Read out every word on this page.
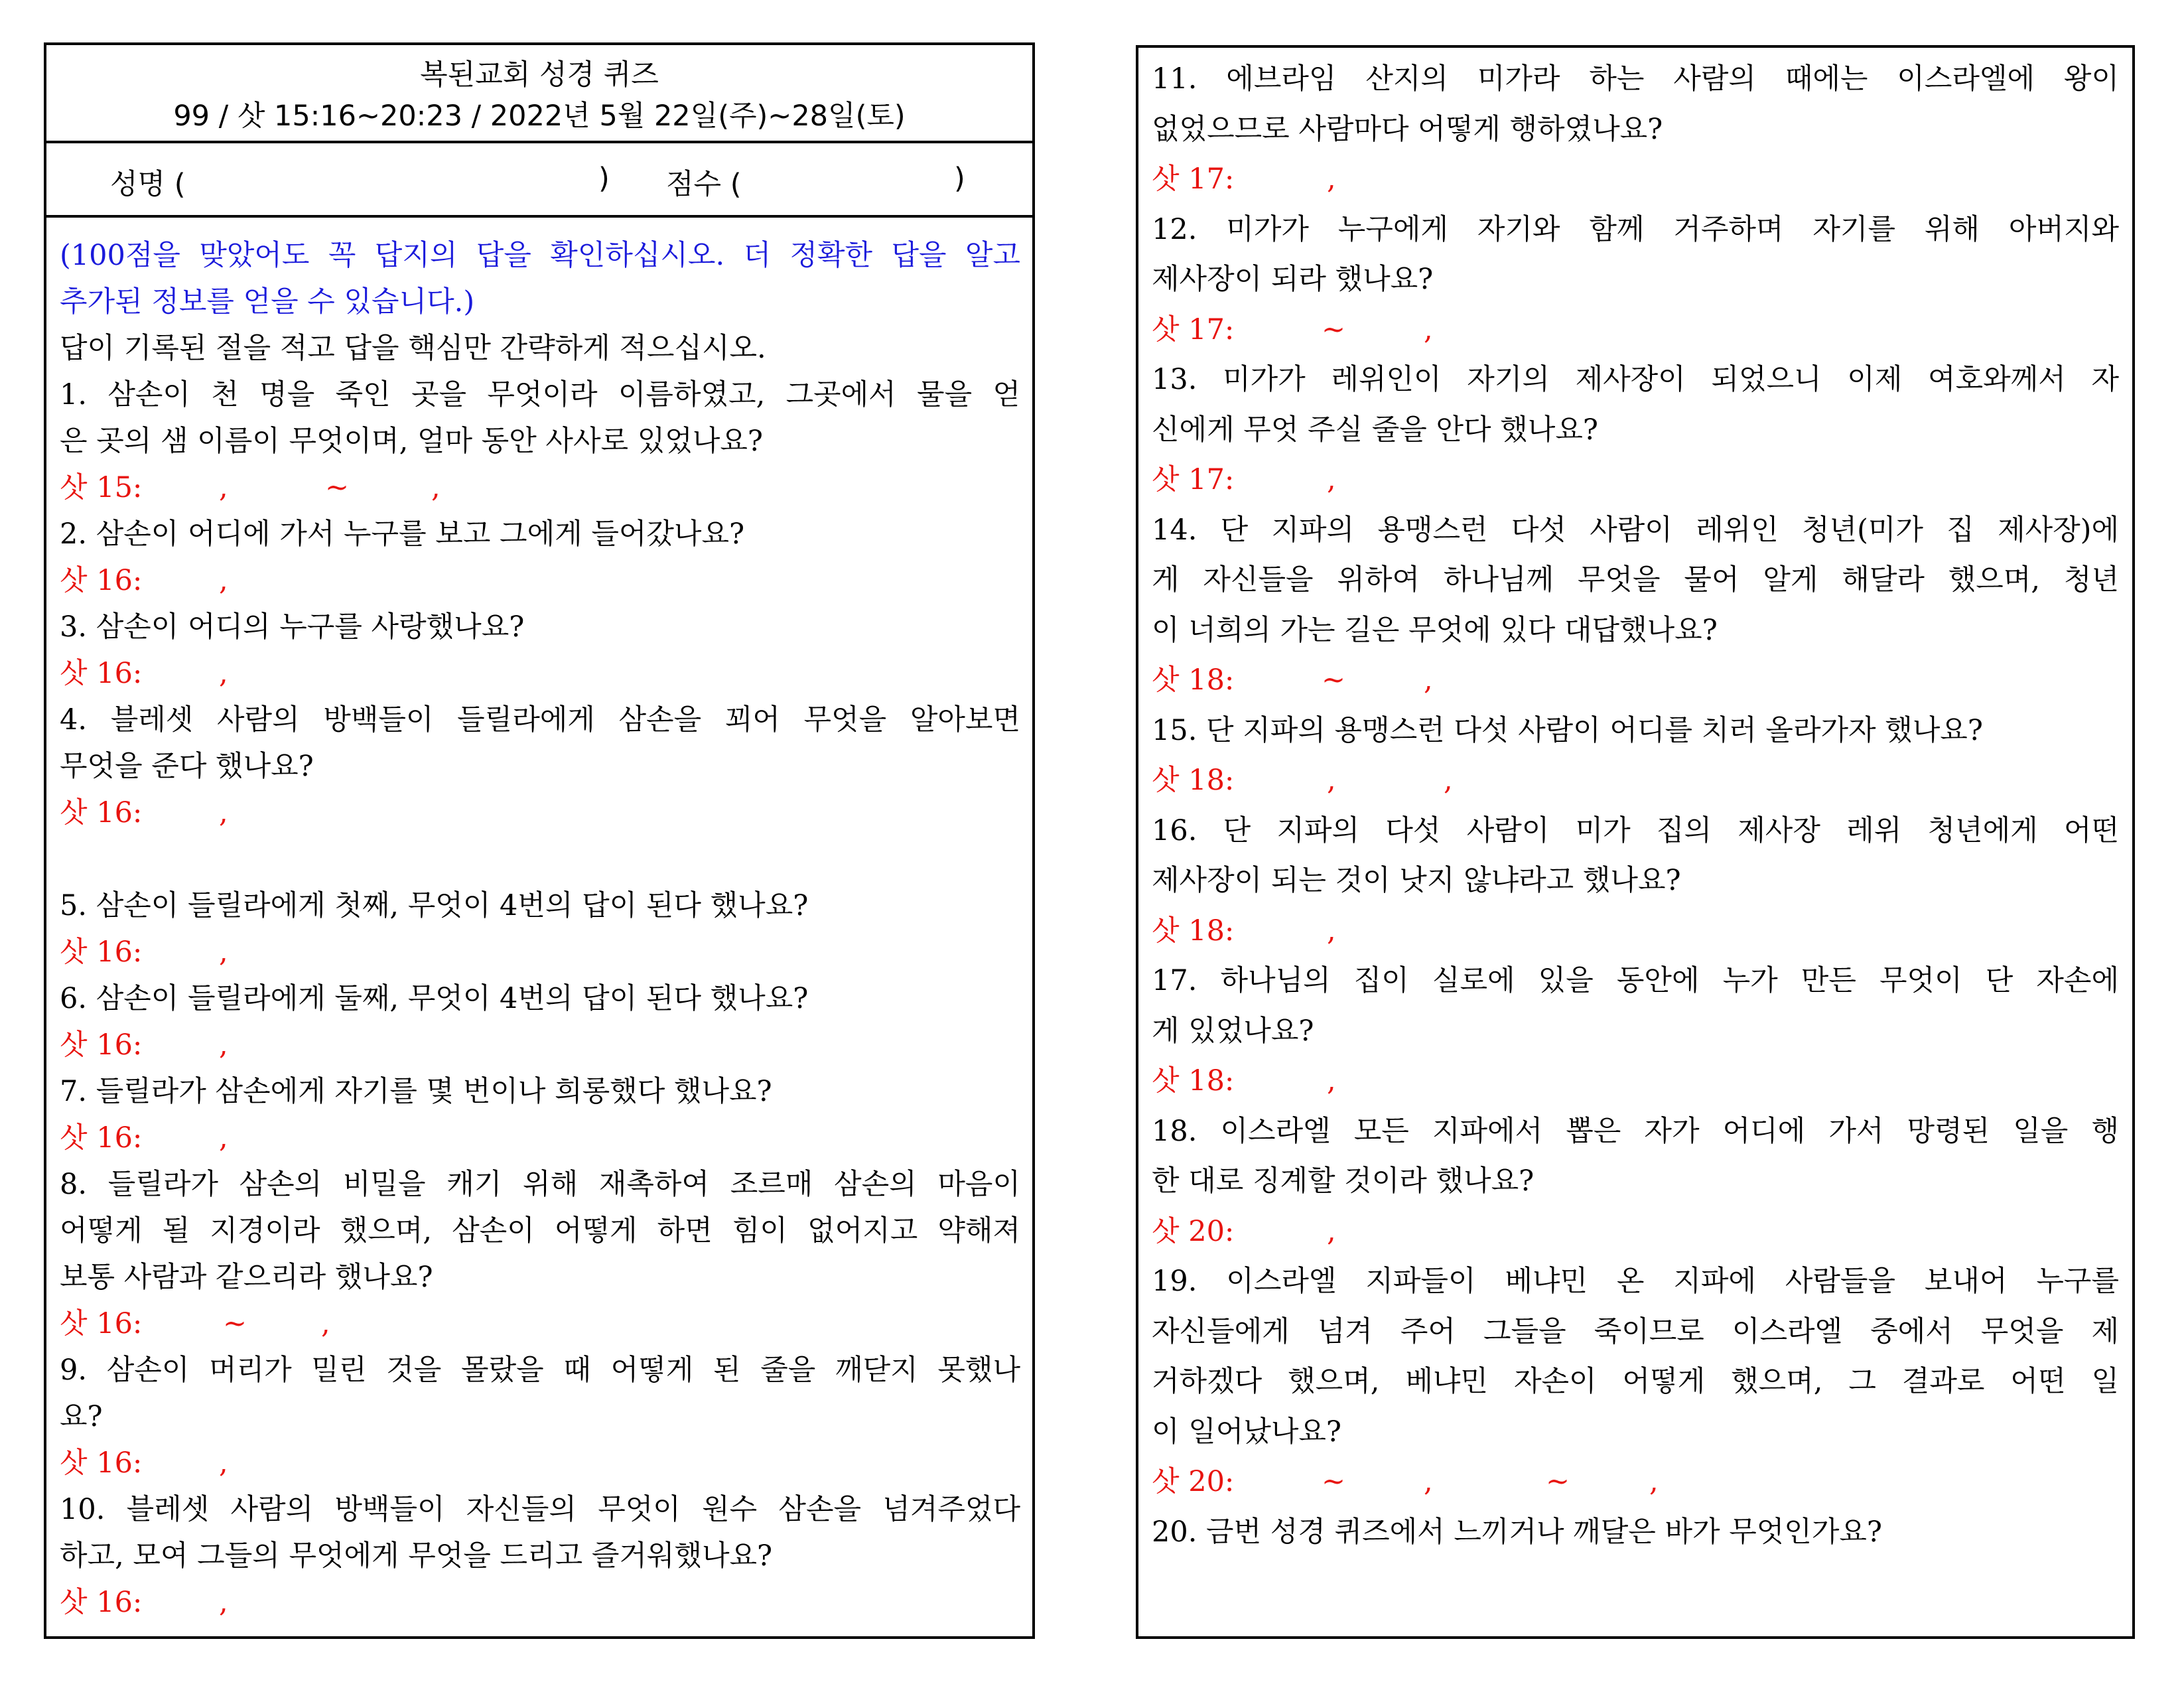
복된교회 성경 퀴즈
99 / 삿 15:16~20:23 / 2022년 5월 22일(주)~28일(토)
성명 (	) 점수 (	)
(100점을 맞았어도 꼭 답지의 답을 확인하십시오. 더 정확한 답을 알고
추가된 정보를 얻을 수 있습니다.)
답이 기록된 절을 적고 답을 핵심만 간략하게 적으십시오.
1. 삼손이 천 명을 죽인 곳을 무엇이라 이름하였고, 그곳에서 물을 얻
은 곳의 샘 이름이 무엇이며, 얼마 동안 사사로 있었나요?
삿 15:	,	~	,
2. 삼손이 어디에 가서 누구를 보고 그에게 들어갔나요?
삿 16:	,
3. 삼손이 어디의 누구를 사랑했나요?
삿 16:	,
4. 블레셋 사람의 방백들이 들릴라에게 삼손을 꾀어 무엇을 알아보면
무엇을 준다 했나요?
삿 16:	,
5. 삼손이 들릴라에게 첫째, 무엇이 4번의 답이 된다 했나요?
삿 16:	,
6. 삼손이 들릴라에게 둘째, 무엇이 4번의 답이 된다 했나요?
삿 16:	,
7. 들릴라가 삼손에게 자기를 몇 번이나 희롱했다 했나요?
삿 16:	,
8. 들릴라가 삼손의 비밀을 캐기 위해 재촉하여 조르매 삼손의 마음이
어떻게 될 지경이라 했으며, 삼손이 어떻게 하면 힘이 없어지고 약해져
보통 사람과 같으리라 했나요?
삿 16:	~	,
9. 삼손이 머리가 밀린 것을 몰랐을 때 어떻게 된 줄을 깨닫지 못했나
요?
삿 16:	,
10. 블레셋 사람의 방백들이 자신들의 무엇이 원수 삼손을 넘겨주었다
하고, 모여 그들의 무엇에게 무엇을 드리고 즐거워했나요?
삿 16:	,
11. 에브라임 산지의 미가라 하는 사람의 때에는 이스라엘에 왕이
없었으므로 사람마다 어떻게 행하였나요?
삿 17:	,
12. 미가가 누구에게 자기와 함께 거주하며 자기를 위해 아버지와
제사장이 되라 했나요?
삿 17:	~	,
13. 미가가 레위인이 자기의 제사장이 되었으니 이제 여호와께서 자
신에게 무엇 주실 줄을 안다 했나요?
삿 17:	,
14. 단 지파의 용맹스런 다섯 사람이 레위인 청년(미가 집 제사장)에
게 자신들을 위하여 하나님께 무엇을 물어 알게 해달라 했으며, 청년
이 너희의 가는 길은 무엇에 있다 대답했나요?
삿 18:	~	,
15. 단 지파의 용맹스런 다섯 사람이 어디를 치러 올라가자 했나요?
삿 18:	,	,
16. 단 지파의 다섯 사람이 미가 집의 제사장 레위 청년에게 어떤
제사장이 되는 것이 낫지 않냐라고 했나요?
삿 18:	,
17. 하나님의 집이 실로에 있을 동안에 누가 만든 무엇이 단 자손에
게 있었나요?
삿 18:	,
18. 이스라엘 모든 지파에서 뽑은 자가 어디에 가서 망령된 일을 행
한 대로 징계할 것이라 했나요?
삿 20:	,
19. 이스라엘 지파들이 베냐민 온 지파에 사람들을 보내어 누구를
자신들에게 넘겨 주어 그들을 죽이므로 이스라엘 중에서 무엇을 제
거하겠다 했으며, 베냐민 자손이 어떻게 했으며, 그 결과로 어떤 일
이 일어났나요?
삿 20:	~	,	~	,
20. 금번 성경 퀴즈에서 느끼거나 깨달은 바가 무엇인가요?
